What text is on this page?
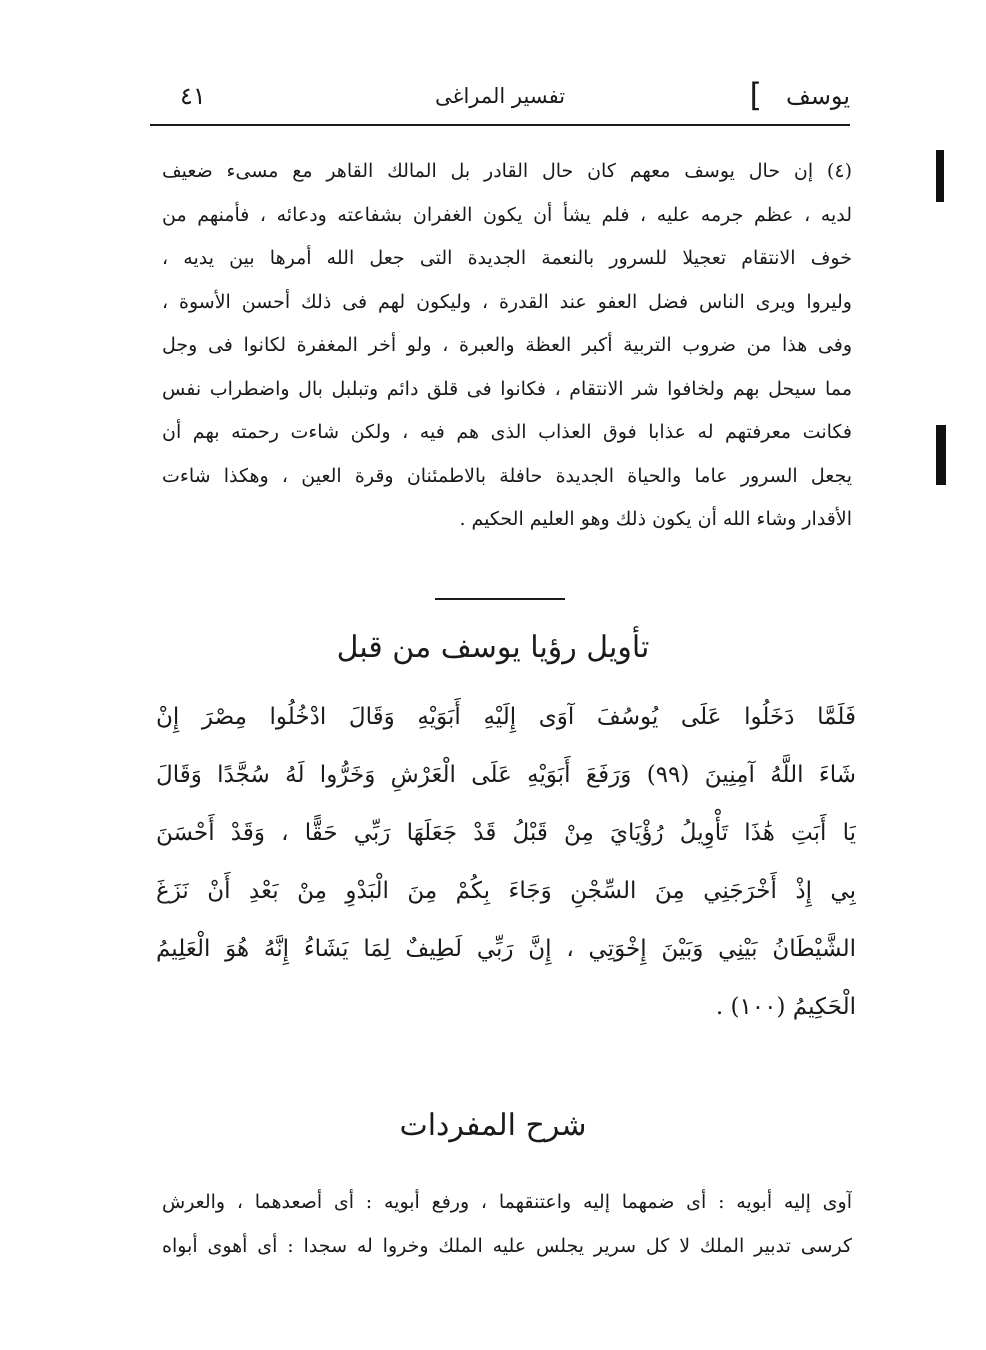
يوسف
]
تفسير المراغى
٤١
(٤) إن حال يوسف معهم كان حال القادر بل المالك القاهر مع مسىء ضعيف
لديه ، عظم جرمه عليه ، فلم يشأ أن يكون الغفران بشفاعته ودعائه ، فأمنهم من
خوف الانتقام تعجيلا للسرور بالنعمة الجديدة التى جعل الله أمرها بين يديه ،
وليروا ويرى الناس فضل العفو عند القدرة ، وليكون لهم فى ذلك أحسن الأسوة ،
وفى هذا من ضروب التربية أكبر العظة والعبرة ، ولو أخر المغفرة لكانوا فى وجل
مما سيحل بهم ولخافوا شر الانتقام ، فكانوا فى قلق دائم وتبلبل بال واضطراب نفس
فكانت معرفتهم له عذابا فوق العذاب الذى هم فيه ، ولكن شاءت رحمته بهم أن
يجعل السرور عاما والحياة الجديدة حافلة بالاطمئنان وقرة العين ، وهكذا شاءت
الأقدار وشاء الله أن يكون ذلك وهو العليم الحكيم .
تأويل رؤيا يوسف من قبل
فَلَمَّا دَخَلُوا عَلَى يُوسُفَ آوَى إِلَيْهِ أَبَوَيْهِ وَقَالَ ادْخُلُوا مِصْرَ إِنْ
شَاءَ اللَّهُ آمِنِينَ (٩٩) وَرَفَعَ أَبَوَيْهِ عَلَى الْعَرْشِ وَخَرُّوا لَهُ سُجَّدًا وَقَالَ
يَا أَبَتِ هَٰذَا تَأْوِيلُ رُؤْيَايَ مِنْ قَبْلُ قَدْ جَعَلَهَا رَبِّي حَقًّا ، وَقَدْ أَحْسَنَ
بِي إِذْ أَخْرَجَنِي مِنَ السِّجْنِ وَجَاءَ بِكُمْ مِنَ الْبَدْوِ مِنْ بَعْدِ أَنْ نَزَغَ
الشَّيْطَانُ بَيْنِي وَبَيْنَ إِخْوَتِي ، إِنَّ رَبِّي لَطِيفٌ لِمَا يَشَاءُ إِنَّهُ هُوَ الْعَلِيمُ
الْحَكِيمُ (١٠٠) .
شرح المفردات
آوى إليه أبويه : أى ضمهما إليه واعتنقهما ، ورفع أبويه : أى أصعدهما ، والعرش
كرسى تدبير الملك لا كل سرير يجلس عليه الملك وخروا له سجدا : أى أهوى أبواه
